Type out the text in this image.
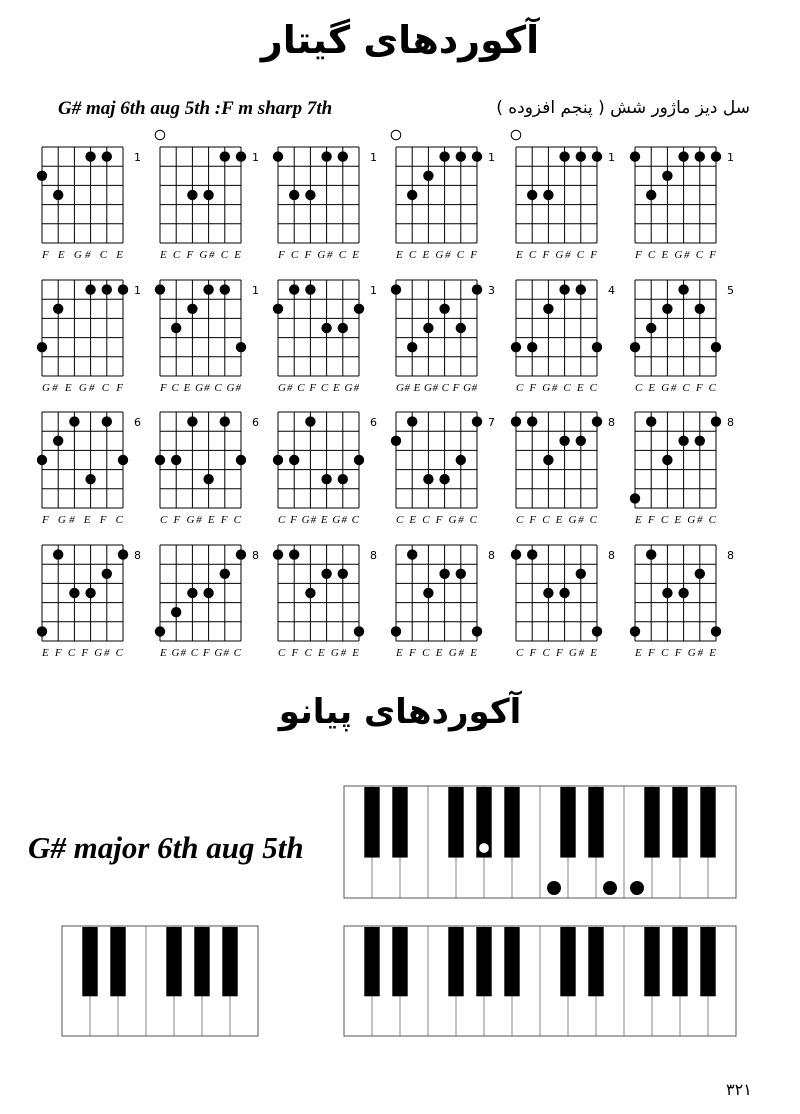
آکوردهای گیتار
G# maj 6th aug 5th :F m sharp 7th	سل دیز ماژور شش ( پنجم افزوده )
1
F E G# C E
1
E C F G# C E
1
F C F G# C E
1
E C E G# C F
1
E C F G# C F
1
F C E G# C F
1
G# E G# C F
1
F C E G# C G#
1
G# C F C E G#
3
G# E G# C F G#
4
C F G# C E C
5
C E G# C F C
6
F G# E F C
6
C F G# E F C
6
C F G# E G# C
7
C E C F G# C
8
C F C E G# C
8
E F C E G# C
8
E F C F G# C
8
E G# C F G# C
8
C F C E G# E
8
E F C E G# E
8
C F C F G# E
8
E F C F G# E
آکوردهای پیانو
G# major 6th aug 5th
۳۲۱
